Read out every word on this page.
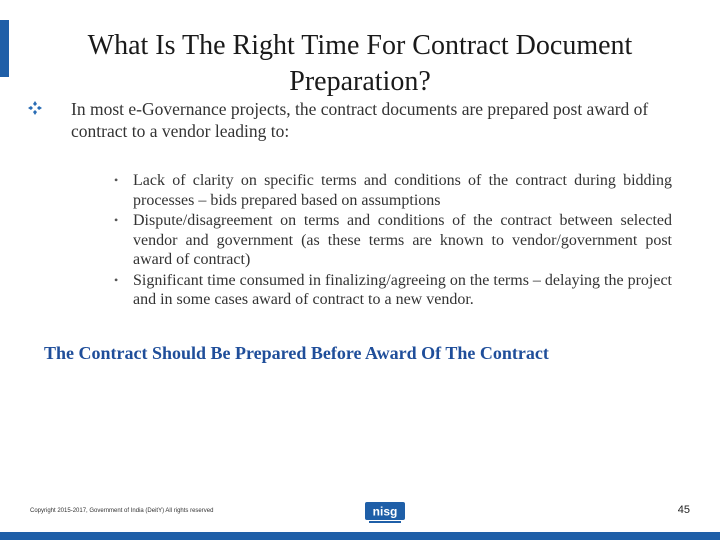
What Is The Right Time For Contract Document Preparation?
In most e-Governance projects, the contract documents are prepared post award of contract to a vendor leading to:
• Lack of clarity on specific terms and conditions of the contract during bidding processes – bids prepared based on assumptions
• Dispute/disagreement on terms and conditions of the contract between selected vendor and government (as these terms are known to vendor/government post award of contract)
• Significant time consumed in finalizing/agreeing on the terms – delaying the project and in some cases award of contract to a new vendor.
The Contract Should Be Prepared Before Award Of The Contract
Copyright 2015-2017, Government of India (DeitY) All rights reserved	nisg	45
